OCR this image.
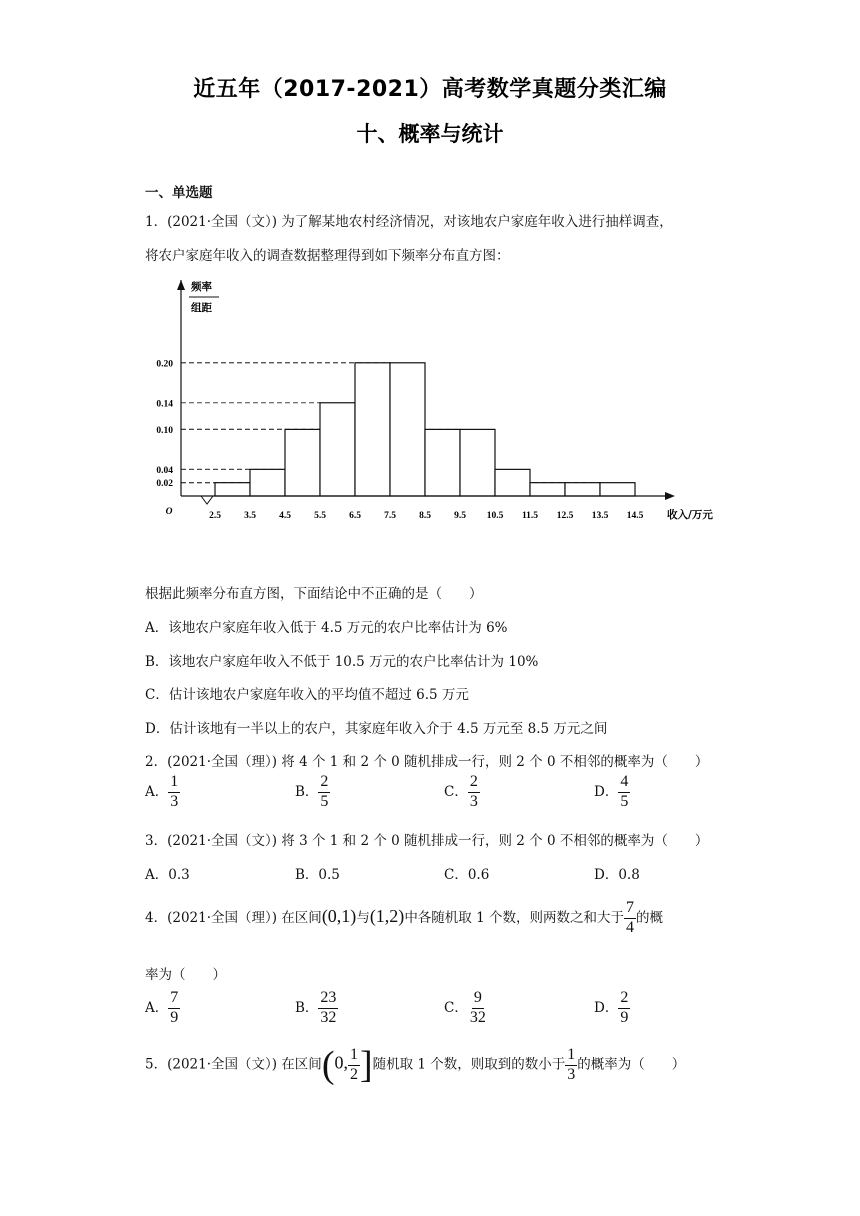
近五年（2017-2021）高考数学真题分类汇编
十、概率与统计
一、单选题
1．(2021·全国（文）) 为了解某地农村经济情况，对该地农户家庭年收入进行抽样调查，
将农户家庭年收入的调查数据整理得到如下频率分布直方图：
0.02
0.04
0.10
0.14
0.20
2.5 3.5 4.5 5.5 6.5 7.5 8.5 9.5 10.5 11.5 12.5 13.5 14.5
O	收入/万元
频率
组距
根据此频率分布直方图，下面结论中不正确的是（　　）
A．该地农户家庭年收入低于 4.5 万元的农户比率估计为 6%
B．该地农户家庭年收入不低于 10.5 万元的农户比率估计为 10%
C．估计该地农户家庭年收入的平均值不超过 6.5 万元
D．估计该地有一半以上的农户，其家庭年收入介于 4.5 万元至 8.5 万元之间
2．(2021·全国（理）) 将 4 个 1 和 2 个 0 随机排成一行，则 2 个 0 不相邻的概率为（　　）
A． $\frac{1}{3}$	B． $\frac{2}{5}$	C． $\frac{2}{3}$	D． $\frac{4}{5}$
3．(2021·全国（文）) 将 3 个 1 和 2 个 0 随机排成一行，则 2 个 0 不相邻的概率为（　　）
A．0.3	B．0.5	C．0.6	D．0.8
4．(2021·全国（理）) 在区间(0,1)与(1,2)中各随机取 1 个数，则两数之和大于 $\frac{7}{4}$ 的概
率为（　　）
A． $\frac{7}{9}$	B． $\frac{23}{32}$	C． $\frac{9}{32}$	D． $\frac{2}{9}$
5．(2021·全国（文）) 在区间(0, $\frac{1}{2}$ ]随机取 1 个数，则取到的数小于 $\frac{1}{3}$ 的概率为（　　）
